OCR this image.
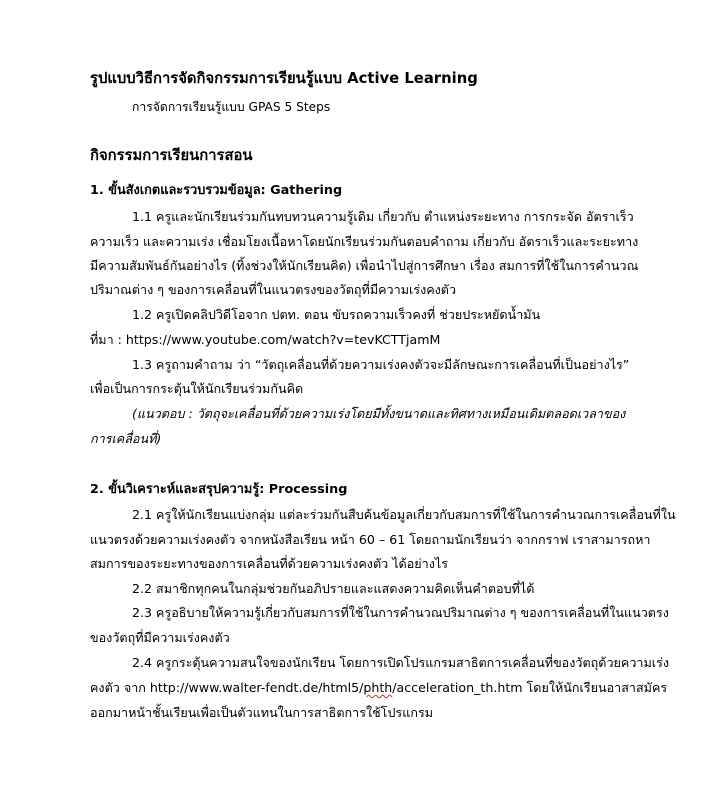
รูปแบบวิธีการจัดกิจกรรมการเรียนรู้แบบ Active Learning
การจัดการเรียนรู้แบบ GPAS 5 Steps
กิจกรรมการเรียนการสอน
1. ขั้นสังเกตและรวบรวมข้อมูล: Gathering
1.1 ครูและนักเรียนร่วมกันทบทวนความรู้เดิม เกี่ยวกับ ตำแหน่งระยะทาง การกระจัด อัตราเร็ว
ความเร็ว และความเร่ง เชื่อมโยงเนื้อหาโดยนักเรียนร่วมกันตอบคำถาม เกี่ยวกับ อัตราเร็วและระยะทาง
มีความสัมพันธ์กันอย่างไร (ทิ้งช่วงให้นักเรียนคิด) เพื่อนำไปสู่การศึกษา เรื่อง สมการที่ใช้ในการคำนวณ
ปริมาณต่าง ๆ ของการเคลื่อนที่ในแนวตรงของวัตถุที่มีความเร่งคงตัว
1.2 ครูเปิดคลิปวิดีโอจาก ปตท. ตอน ขับรถความเร็วคงที่ ช่วยประหยัดน้ำมัน
ที่มา : https://www.youtube.com/watch?v=tevKCTTjamM
1.3 ครูถามคำถาม ว่า “วัตถุเคลื่อนที่ด้วยความเร่งคงตัวจะมีลักษณะการเคลื่อนที่เป็นอย่างไร”
เพื่อเป็นการกระตุ้นให้นักเรียนร่วมกันคิด
(แนวตอบ : วัตถุจะเคลื่อนที่ด้วยความเร่งโดยมีทั้งขนาดและทิศทางเหมือนเดิมตลอดเวลาของ
การเคลื่อนที่)
2. ขั้นวิเคราะห์และสรุปความรู้: Processing
2.1 ครูให้นักเรียนแบ่งกลุ่ม แต่ละร่วมกันสืบค้นข้อมูลเกี่ยวกับสมการที่ใช้ในการคำนวณการเคลื่อนที่ใน
แนวตรงด้วยความเร่งคงตัว จากหนังสือเรียน หน้า 60 – 61 โดยถามนักเรียนว่า จากกราฟ เราสามารถหา
สมการของระยะทางของการเคลื่อนที่ด้วยความเร่งคงตัว ได้อย่างไร
2.2 สมาชิกทุกคนในกลุ่มช่วยกันอภิปรายและแสดงความคิดเห็นคำตอบที่ได้
2.3 ครูอธิบายให้ความรู้เกี่ยวกับสมการที่ใช้ในการคำนวณปริมาณต่าง ๆ ของการเคลื่อนที่ในแนวตรง
ของวัตถุที่มีความเร่งคงตัว
2.4 ครูกระตุ้นความสนใจของนักเรียน โดยการเปิดโปรแกรมสาธิตการเคลื่อนที่ของวัตถุด้วยความเร่ง
คงตัว จาก http://www.walter-fendt.de/html5/phth/acceleration_th.htm โดยให้นักเรียนอาสาสมัคร
ออกมาหน้าชั้นเรียนเพื่อเป็นตัวแทนในการสาธิตการใช้โปรแกรม
